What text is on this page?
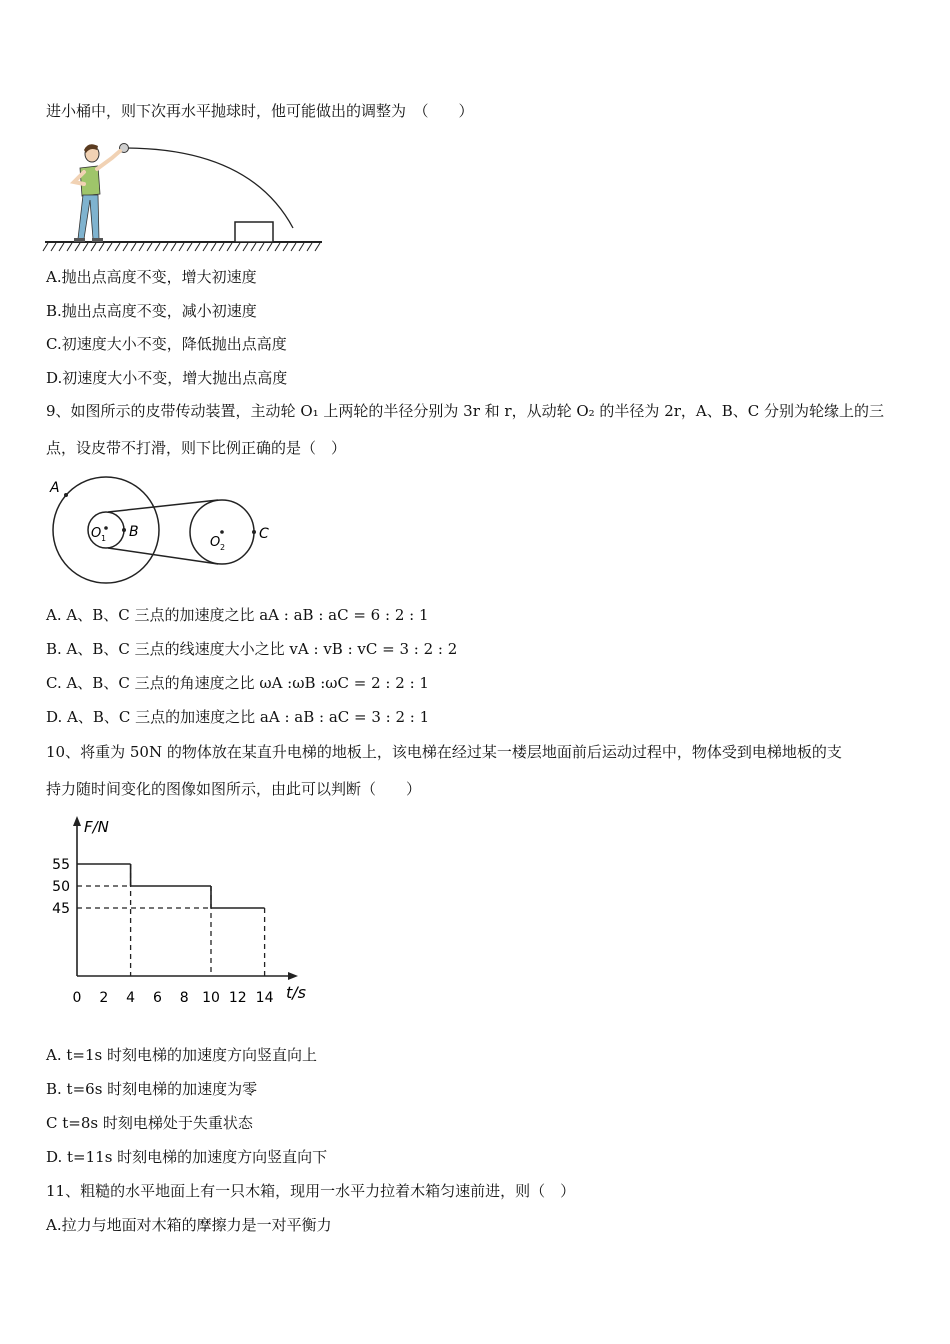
进小桶中，则下次再水平抛球时，他可能做出的调整为　（　　）
A.抛出点高度不变，增大初速度
B.抛出点高度不变，减小初速度
C.初速度大小不变，降低抛出点高度
D.初速度大小不变，增大抛出点高度
9、如图所示的皮带传动装置，主动轮 O₁ 上两轮的半径分别为 3r 和 r，从动轮 O₂ 的半径为 2r，A、B、C 分别为轮缘上的三
点，设皮带不打滑，则下比例正确的是（　）
A
O 1 B
O 2
C
A. A、B、C 三点的加速度之比 aA : aB : aC = 6 : 2 : 1
B. A、B、C 三点的线速度大小之比 vA : vB : vC = 3 : 2 : 2
C. A、B、C 三点的角速度之比 ωA :ωB :ωC = 2 : 2 : 1
D. A、B、C 三点的加速度之比 aA : aB : aC = 3 : 2 : 1
10、将重为 50N 的物体放在某直升电梯的地板上，该电梯在经过某一楼层地面前后运动过程中，物体受到电梯地板的支
持力随时间变化的图像如图所示，由此可以判断（　　）
F/N
t/s
0 2 4 6 8 10 12 14
55
50
45
A. t=1s 时刻电梯的加速度方向竖直向上
B. t=6s 时刻电梯的加速度为零
C t=8s 时刻电梯处于失重状态
D. t=11s 时刻电梯的加速度方向竖直向下
11、粗糙的水平地面上有一只木箱，现用一水平力拉着木箱匀速前进，则（　）
A.拉力与地面对木箱的摩擦力是一对平衡力
